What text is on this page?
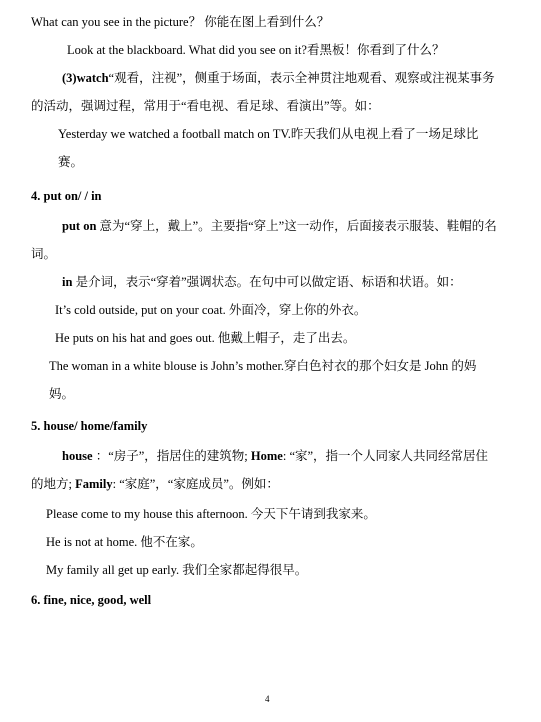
What can you see in the picture？ 你能在图上看到什么？
Look at the blackboard. What did you see on it?看黑板！你看到了什么？
(3)watch“观看，注视”，侧重于场面，表示全神贯注地观看、观察或注视某事务
的活动，强调过程，常用于“看电视、看足球、看演出”等。如：
Yesterday we watched a football match on TV.昨天我们从电视上看了一场足球比
赛。
4. put on/ / in
put on 意为“穿上，戴上”。主要指“穿上”这一动作，后面接表示服装、鞋帽的名
词。
in 是介词，表示“穿着”强调状态。在句中可以做定语、标语和状语。如：
It’s cold outside, put on your coat. 外面冷，穿上你的外衣。
He puts on his hat and goes out. 他戴上帽子，走了出去。
The woman in a white blouse is John’s mother.穿白色衬衣的那个妇女是 John 的妈
妈。
5. house/ home/family
house ：“房子”，指居住的建筑物; Home: “家”，指一个人同家人共同经常居住
的地方; Family: “家庭”，“家庭成员”。例如：
Please come to my house this afternoon. 今天下午请到我家来。
He is not at home. 他不在家。
My family all get up early. 我们全家都起得很早。
6. fine, nice, good, well
4
